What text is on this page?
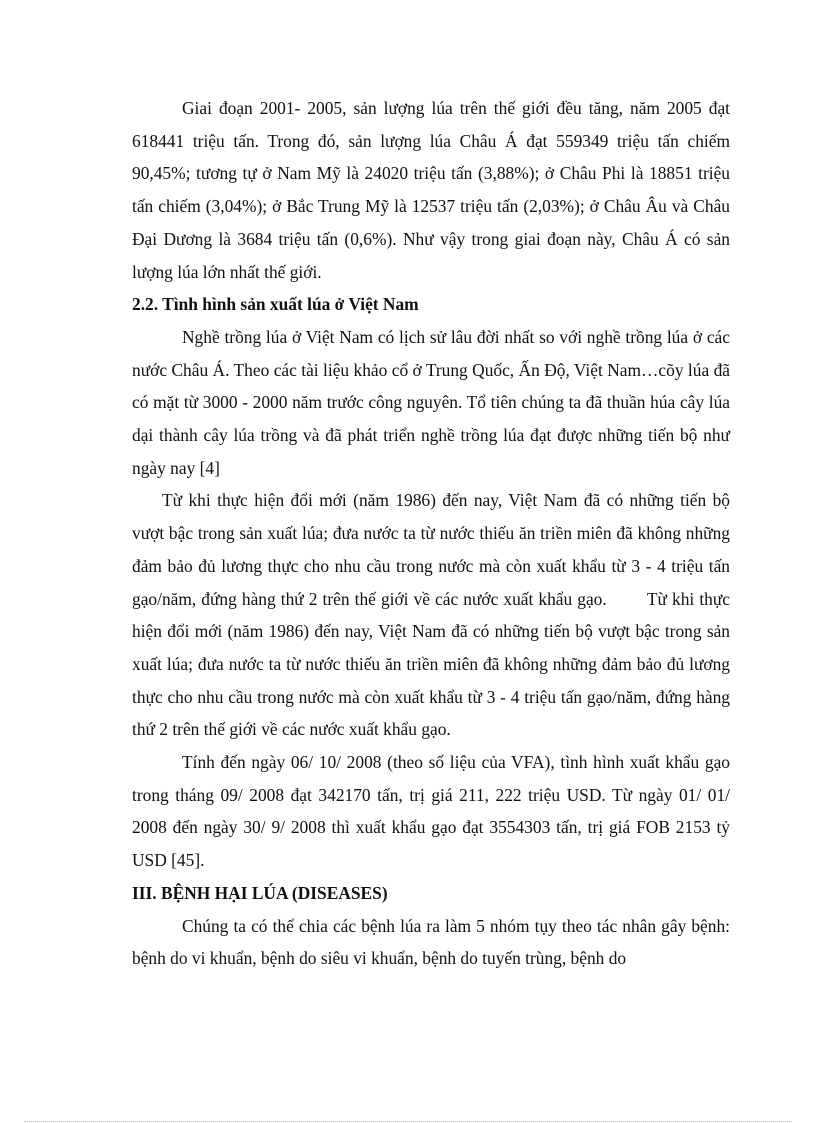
Giai đoạn 2001- 2005, sản lượng lúa trên thế giới đều tăng, năm 2005 đạt 618441 triệu tấn. Trong đó, sản lượng lúa Châu Á đạt 559349 triệu tấn chiếm 90,45%; tương tự ở Nam Mỹ là 24020 triệu tấn (3,88%); ở Châu Phi là 18851 triệu tấn chiếm (3,04%); ở Bắc Trung Mỹ là 12537 triệu tấn (2,03%); ở Châu Âu và Châu Đại Dương là 3684 triệu tấn (0,6%). Như vậy trong giai đoạn này, Châu Á có sản lượng lúa lớn nhất thế giới.

2.2. Tình hình sản xuất lúa ở Việt Nam

Nghề trồng lúa ở Việt Nam có lịch sử lâu đời nhất so với nghề trồng lúa ở các nước Châu Á. Theo các tài liệu khảo cổ ở Trung Quốc, Ấn Độ, Việt Nam…cõy lúa đã có mặt từ 3000 - 2000 năm trước công nguyên. Tổ tiên chúng ta đã thuần húa cây lúa dại thành cây lúa trồng và đã phát triển nghề trồng lúa đạt được những tiến bộ như ngày nay [4]

Từ khi thực hiện đổi mới (năm 1986) đến nay, Việt Nam đã có những tiến bộ vượt bậc trong sản xuất lúa; đưa nước ta từ nước thiếu ăn triền miên đã không những đảm bảo đủ lương thực cho nhu cầu trong nước mà còn xuất khẩu từ 3 - 4 triệu tấn gạo/năm, đứng hàng thứ 2 trên thế giới về các nước xuất khẩu gạo.        Từ khi thực hiện đổi mới (năm 1986) đến nay, Việt Nam đã có những tiến bộ vượt bậc trong sản xuất lúa; đưa nước ta từ nước thiếu ăn triền miên đã không những đảm bảo đủ lương thực cho nhu cầu trong nước mà còn xuất khẩu từ 3 - 4 triệu tấn gạo/năm, đứng hàng thứ 2 trên thế giới về các nước xuất khẩu gạo.

Tính đến ngày 06/ 10/ 2008 (theo số liệu của VFA), tình hình xuất khẩu gạo trong tháng 09/ 2008 đạt 342170 tấn, trị giá 211, 222 triệu USD. Từ ngày 01/ 01/ 2008 đến ngày 30/ 9/ 2008 thì xuất khẩu gạo đạt 3554303 tấn, trị giá FOB 2153 tỷ USD [45].

III. BỆNH HẠI LÚA (DISEASES)

Chúng ta có thể chia các bệnh lúa ra làm 5 nhóm tụy theo tác nhân gây bệnh: bệnh do vi khuẩn, bệnh do siêu vi khuẩn, bệnh do tuyến trùng, bệnh do
